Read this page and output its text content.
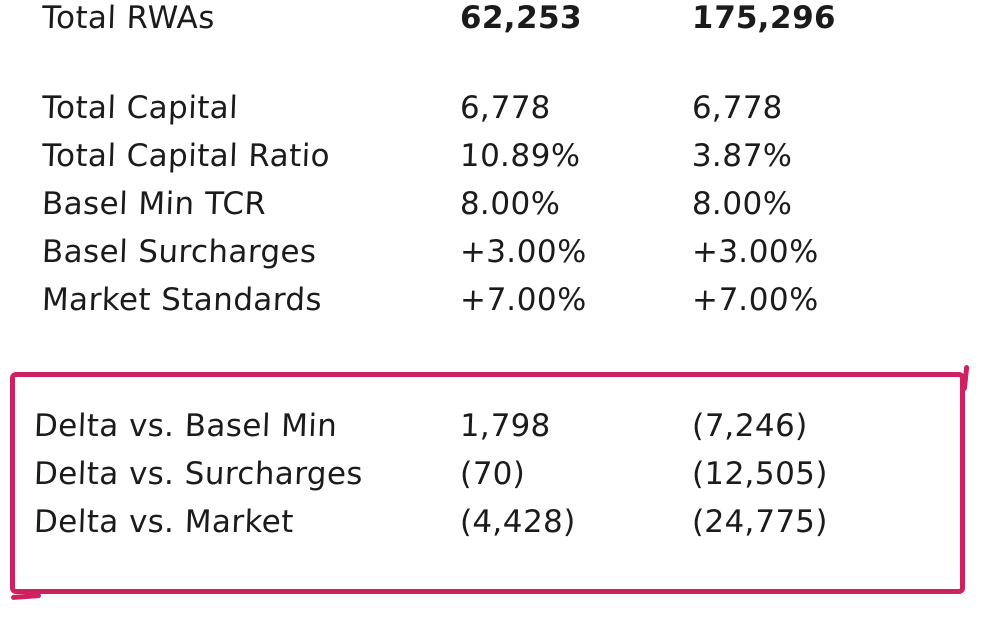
Total RWAs	62,253	175,296
Total Capital	6,778	6,778
Total Capital Ratio	10.89%	3.87%
Basel Min TCR	8.00%	8.00%
Basel Surcharges	+3.00%	+3.00%
Market Standards	+7.00%	+7.00%
Delta vs. Basel Min	1,798	(7,246)
Delta vs. Surcharges	(70)	(12,505)
Delta vs. Market	(4,428)	(24,775)
